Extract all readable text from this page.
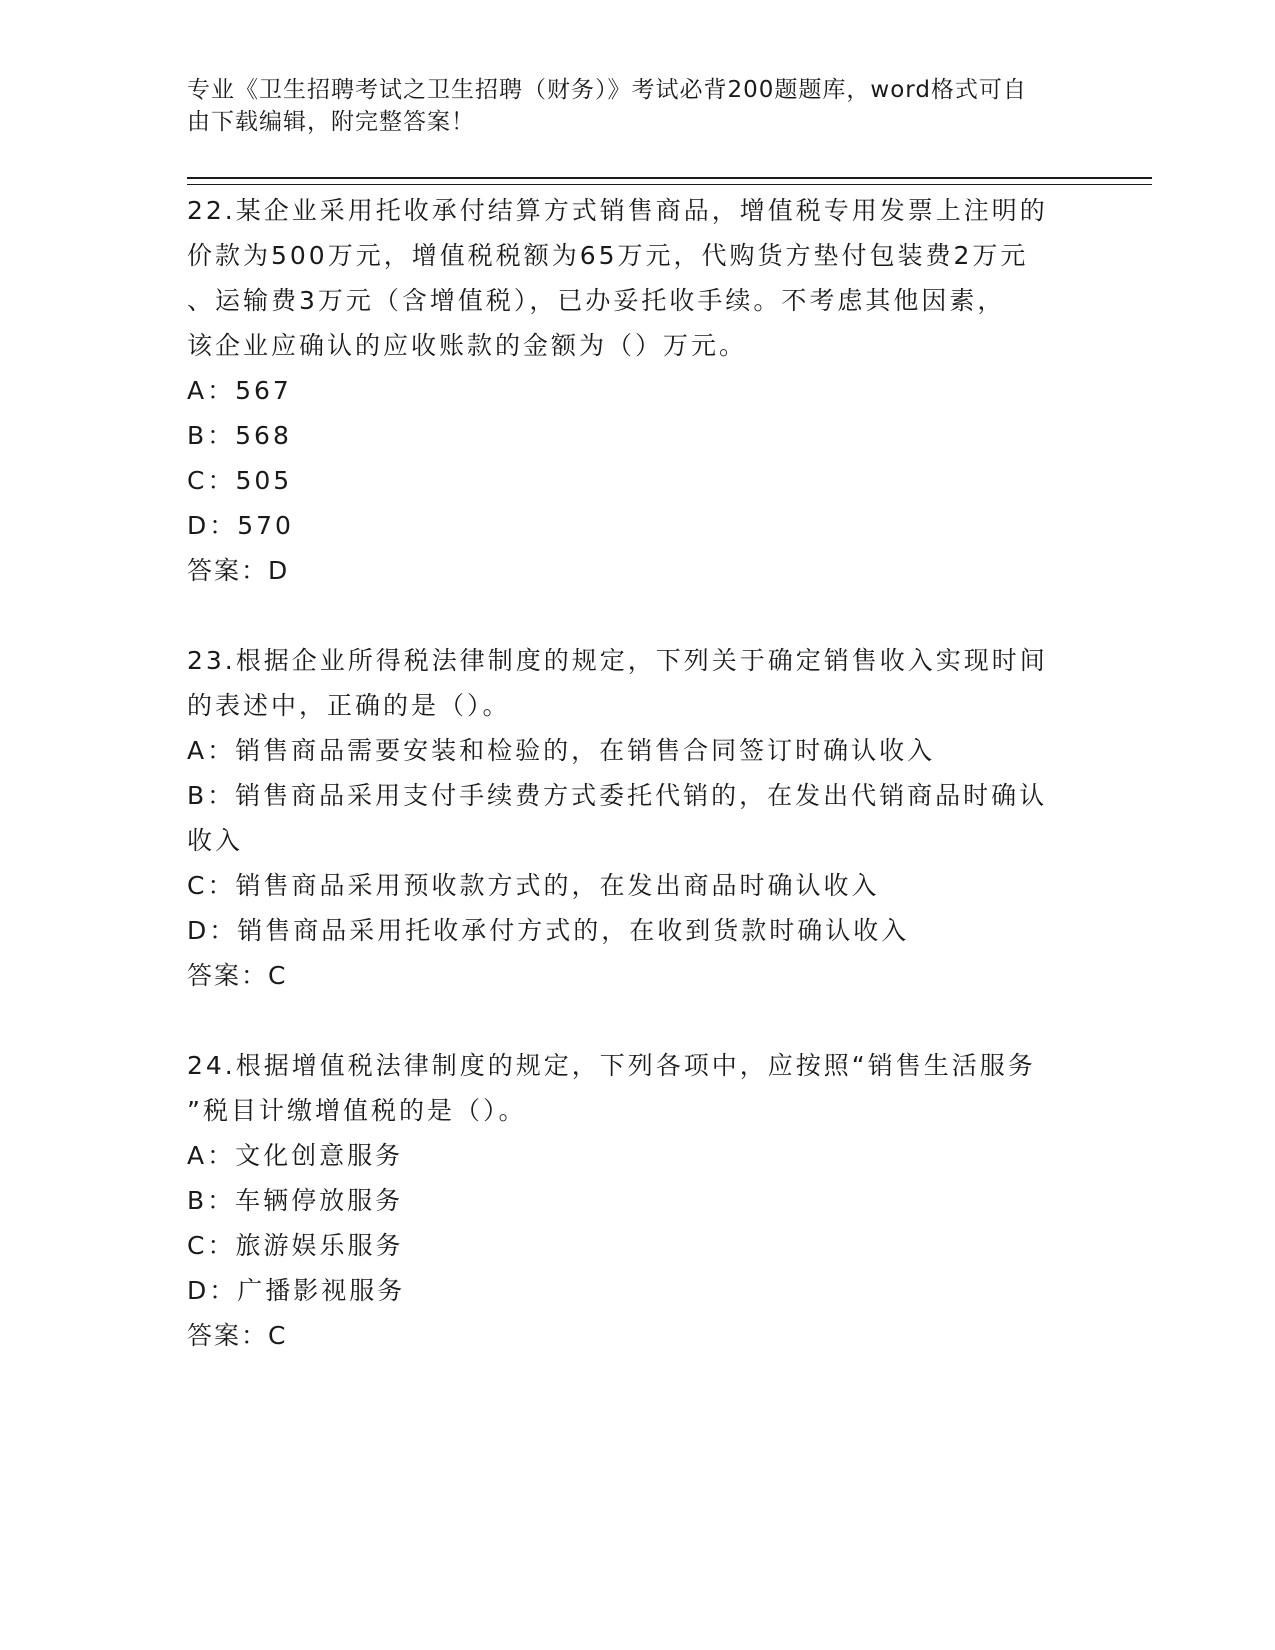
专业《卫生招聘考试之卫生招聘（财务）》考试必背200题题库，word格式可自
由下载编辑，附完整答案！

22.某企业采用托收承付结算方式销售商品，增值税专用发票上注明的

价款为500万元，增值税税额为65万元，代购货方垫付包装费2万元

、运输费3万元（含增值税），已办妥托收手续。不考虑其他因素，

该企业应确认的应收账款的金额为（）万元。

A：567

B：568

C：505

D：570

答案：D

23.根据企业所得税法律制度的规定，下列关于确定销售收入实现时间

的表述中，正确的是（）。

A：销售商品需要安装和检验的，在销售合同签订时确认收入

B：销售商品采用支付手续费方式委托代销的，在发出代销商品时确认

收入

C：销售商品采用预收款方式的，在发出商品时确认收入

D：销售商品采用托收承付方式的，在收到货款时确认收入

答案：C

24.根据增值税法律制度的规定，下列各项中，应按照“销售生活服务

”税目计缴增值税的是（）。

A：文化创意服务

B：车辆停放服务

C：旅游娱乐服务

D：广播影视服务

答案：C
